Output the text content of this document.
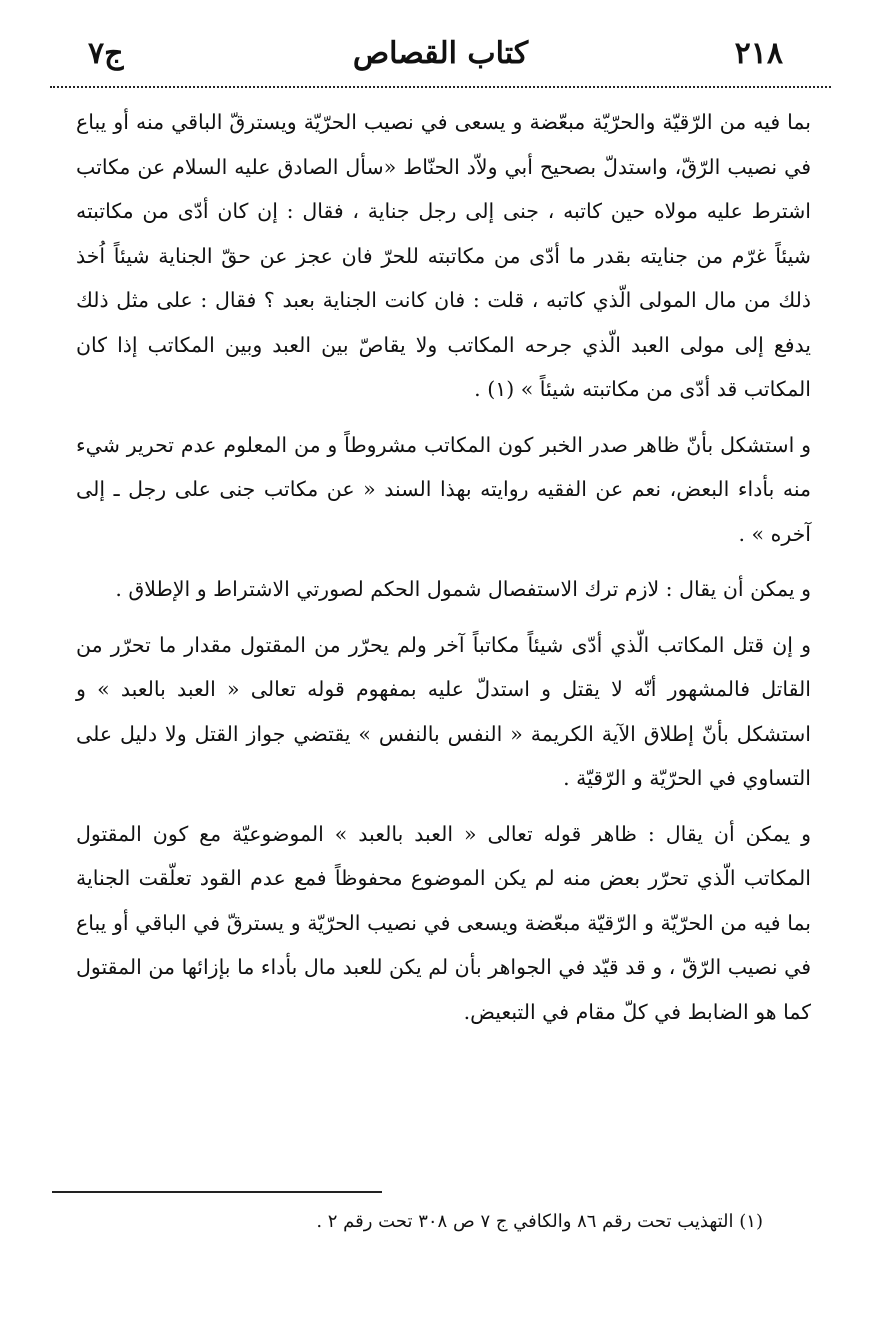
٢١٨
كتاب القصاص
ج٧

بما فيه من الرّقيّة والحرّيّة مبعّضة و يسعى في نصيب الحرّيّة ويسترقّ الباقي منه أو يباع في نصيب الرّقّ، واستدلّ بصحيح أبي ولاّد الحنّاط «سأل الصادق عليه السلام عن مكاتب اشترط عليه مولاه حين كاتبه ، جنى إلى رجل جناية ، فقال : إن كان أدّى من مكاتبته شيئاً غرّم من جنايته بقدر ما أدّى من مكاتبته للحرّ فان عجز عن حقّ الجناية شيئاً اُخذ ذلك من مال المولى الّذي كاتبه ، قلت : فان كانت الجناية بعبد ؟ فقال : على مثل ذلك يدفع إلى مولى العبد الّذي جرحه المكاتب ولا يقاصّ بين العبد وبين المكاتب إذا كان المكاتب قد أدّى من مكاتبته شيئاً » (١) .

و استشكل بأنّ ظاهر صدر الخبر كون المكاتب مشروطاً و من المعلوم عدم تحرير شيء منه بأداء البعض، نعم عن الفقيه روايته بهذا السند « عن مكاتب جنى على رجل ـ إلى آخره » .

و يمكن أن يقال : لازم ترك الاستفصال شمول الحكم لصورتي الاشتراط و الإطلاق .

و إن قتل المكاتب الّذي أدّى شيئاً مكاتباً آخر ولم يحرّر من المقتول مقدار ما تحرّر من القاتل فالمشهور أنّه لا يقتل و استدلّ عليه بمفهوم قوله تعالى « العبد بالعبد » و استشكل بأنّ إطلاق الآية الكريمة « النفس بالنفس » يقتضي جواز القتل ولا دليل على التساوي في الحرّيّة و الرّقيّة .

و يمكن أن يقال : ظاهر قوله تعالى « العبد بالعبد » الموضوعيّة مع كون المقتول المكاتب الّذي تحرّر بعض منه لم يكن الموضوع محفوظاً فمع عدم القود تعلّقت الجناية بما فيه من الحرّيّة و الرّقيّة مبعّضة ويسعى في نصيب الحرّيّة و يسترقّ في الباقي أو يباع في نصيب الرّقّ ، و قد قيّد في الجواهر بأن لم يكن للعبد مال بأداء ما بإزائها من المقتول كما هو الضابط في كلّ مقام في التبعيض.

(١) التهذيب تحت رقم ٨٦ والكافي ج ٧ ص ٣٠٨ تحت رقم ٢ .
